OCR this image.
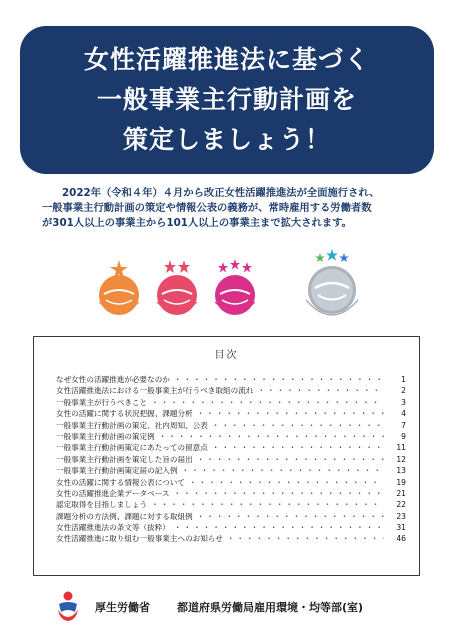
女性活躍推進法に基づく
一般事業主行動計画を
策定しましょう！
2022年（令和４年）４月から改正女性活躍推進法が全面施行され、
一般事業主行動計画の策定や情報公表の義務が、常時雇用する労働者数
が301人以上の事業主から101人以上の事業主まで拡大されます。
目次
なぜ女性の活躍推進が必要なのか ・・・・・・・・・・・・・・・・・・・・・・・・・・・・・・・・・・・・・・・・・・・・・・・・	1
女性活躍推進法における一般事業主が行うべき取組の流れ ・・・・・・・・・・・・・・・・・・・・・・・・・・・・・・・・・・・・・・・・・・・・・・・・	2
一般事業主が行うべきこと ・・・・・・・・・・・・・・・・・・・・・・・・・・・・・・・・・・・・・・・・・・・・・・・・	3
女性の活躍に関する状況把握、課題分析 ・・・・・・・・・・・・・・・・・・・・・・・・・・・・・・・・・・・・・・・・・・・・・・・・	4
一般事業主行動計画の策定、社内周知、公表 ・・・・・・・・・・・・・・・・・・・・・・・・・・・・・・・・・・・・・・・・・・・・・・・・	7
一般事業主行動計画の策定例 ・・・・・・・・・・・・・・・・・・・・・・・・・・・・・・・・・・・・・・・・・・・・・・・・	9
一般事業主行動計画策定にあたっての留意点 ・・・・・・・・・・・・・・・・・・・・・・・・・・・・・・・・・・・・・・・・・・・・・・・・	11
一般事業主行動計画を策定した旨の届出 ・・・・・・・・・・・・・・・・・・・・・・・・・・・・・・・・・・・・・・・・・・・・・・・・	12
一般事業主行動計画策定届の記入例 ・・・・・・・・・・・・・・・・・・・・・・・・・・・・・・・・・・・・・・・・・・・・・・・・	13
女性の活躍に関する情報公表について ・・・・・・・・・・・・・・・・・・・・・・・・・・・・・・・・・・・・・・・・・・・・・・・・	19
女性の活躍推進企業データベース ・・・・・・・・・・・・・・・・・・・・・・・・・・・・・・・・・・・・・・・・・・・・・・・・	21
認定取得を目指しましょう ・・・・・・・・・・・・・・・・・・・・・・・・・・・・・・・・・・・・・・・・・・・・・・・・	22
課題分析の方法例、課題に対する取組例 ・・・・・・・・・・・・・・・・・・・・・・・・・・・・・・・・・・・・・・・・・・・・・・・・	23
女性活躍推進法の条文等（抜粋） ・・・・・・・・・・・・・・・・・・・・・・・・・・・・・・・・・・・・・・・・・・・・・・・・	31
女性活躍推進に取り組む一般事業主へのお知らせ ・・・・・・・・・・・・・・・・・・・・・・・・・・・・・・・・・・・・・・・・・・・・・・・・	46
厚生労働省 都道府県労働局雇用環境・均等部(室)
